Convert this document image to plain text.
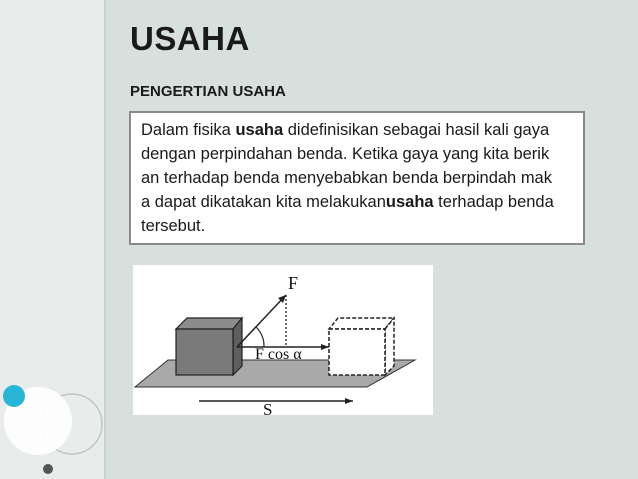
USAHA
PENGERTIAN USAHA
Dalam fisika usaha didefinisikan sebagai hasil kali gaya
dengan perpindahan benda. Ketika gaya yang kita berik
an terhadap benda menyebabkan benda berpindah mak
a dapat dikatakan kita melakukanusaha terhadap benda
tersebut.
F
F cos α
S
